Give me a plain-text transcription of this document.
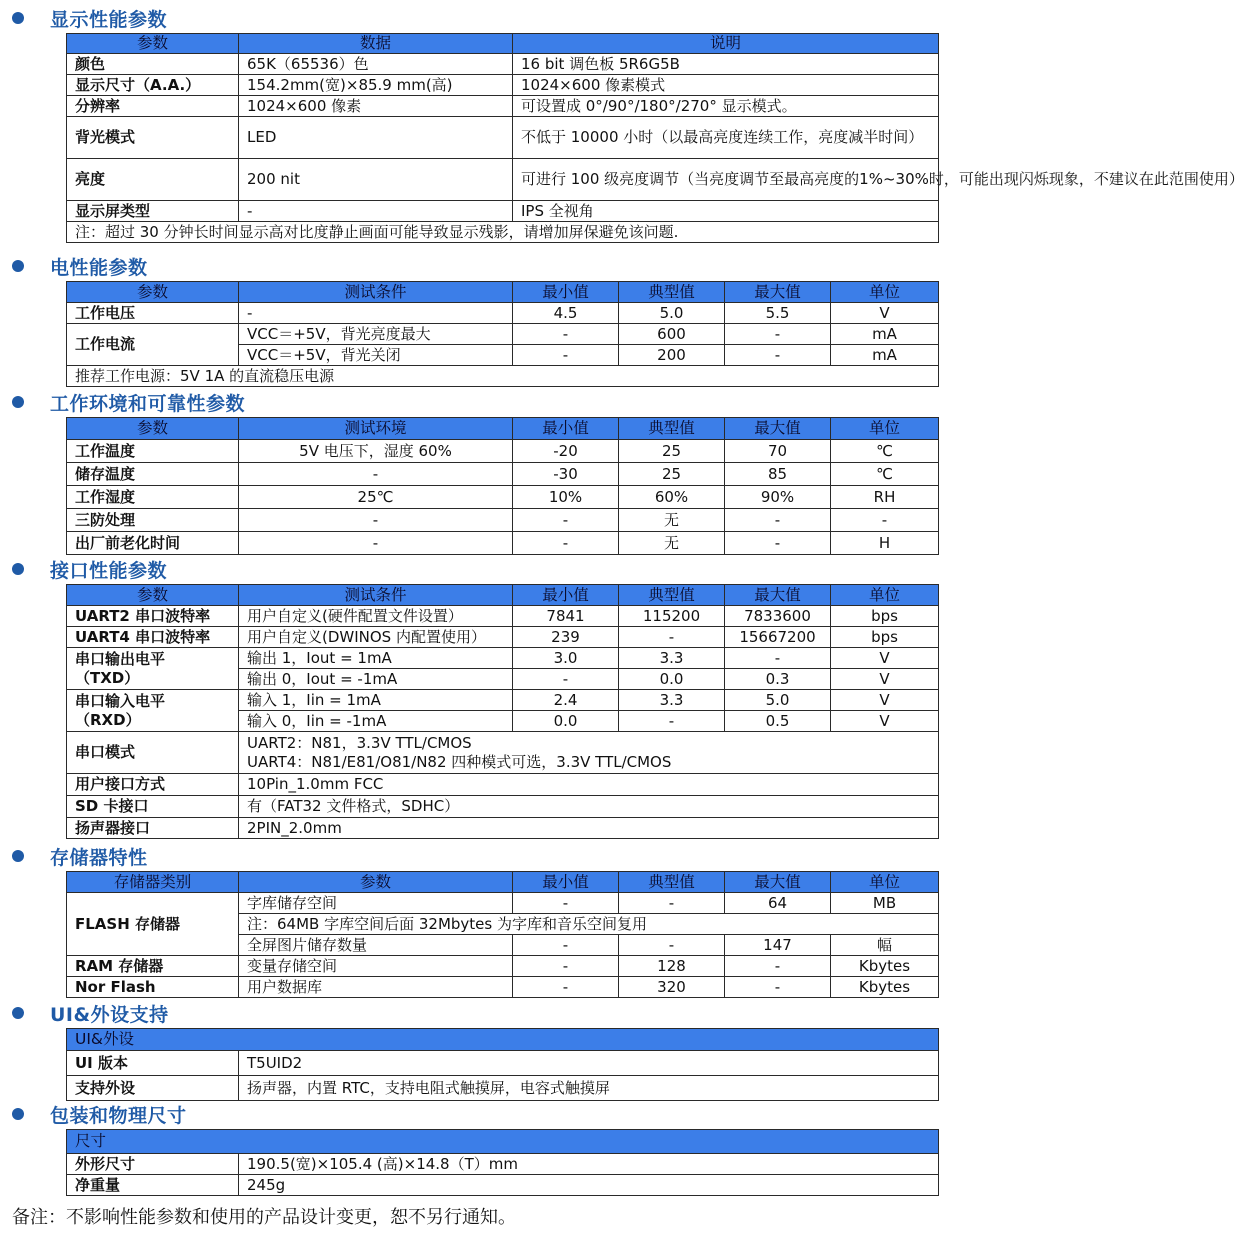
显示性能参数
参数	数据	说明
颜色	65K（65536）色	16 bit 调色板 5R6G5B
显示尺寸（A.A.）	154.2mm(宽)×85.9 mm(高)	1024×600 像素模式
分辨率	1024×600 像素	可设置成 0°/90°/180°/270° 显示模式。
背光模式	LED	不低于 10000 小时（以最高亮度连续工作，亮度减半时间）
亮度	200 nit	可进行 100 级亮度调节（当亮度调节至最高亮度的1%~30%时，可能出现闪烁现象，不建议在此范围使用）
显示屏类型	-	IPS 全视角
注：超过 30 分钟长时间显示高对比度静止画面可能导致显示残影，请增加屏保避免该问题.		
电性能参数
参数	测试条件	最小值	典型值	最大值	单位
工作电压	-	4.5	5.0	5.5	V
工作电流	VCC＝+5V，背光亮度最大	-	600	-	mA
	VCC＝+5V，背光关闭	-	200	-	mA
推荐工作电源：5V 1A 的直流稳压电源					
工作环境和可靠性参数
参数	测试环境	最小值	典型值	最大值	单位
工作温度	5V 电压下，湿度 60%	-20	25	70	℃
储存温度	-	-30	25	85	℃
工作湿度	25℃	10%	60%	90%	RH
三防处理	-	-	无	-	-
出厂前老化时间	-	-	无	-	H
接口性能参数
参数	测试条件	最小值	典型值	最大值	单位
UART2 串口波特率	用户自定义(硬件配置文件设置）	7841	115200	7833600	bps
UART4 串口波特率	用户自定义(DWINOS 内配置使用）	239	-	15667200	bps

串口输出电平
（TXD）	输出 1，Iout = 1mA	3.0	3.3	-	V
	输出 0，Iout = -1mA	-	0.0	0.3	V

串口输入电平
（RXD）	输入 1，Iin = 1mA	2.4	3.3	5.0	V
	输入 0，Iin = -1mA	0.0	-	0.5	V
串口模式	UART2：N81，3.3V TTL/CMOS
UART4：N81/E81/O81/N82 四种模式可选，3.3V TTL/CMOS				

用户接口方式	10Pin_1.0mm FCC				
SD 卡接口	有（FAT32 文件格式，SDHC）				
扬声器接口	2PIN_2.0mm				
存储器特性
存储器类别	参数	最小值	典型值	最大值	单位
FLASH 存储器	字库储存空间	-	-	64	MB
	注：64MB 字库空间后面 32Mbytes 为字库和音乐空间复用				
	全屏图片储存数量	-	-	147	幅
RAM 存储器	变量存储空间	-	128	-	Kbytes
Nor Flash	用户数据库	-	320	-	Kbytes
UI&外设支持
UI&外设	
UI 版本	T5UID2
支持外设	扬声器，内置 RTC，支持电阻式触摸屏，电容式触摸屏
包装和物理尺寸
尺寸	
外形尺寸	190.5(宽)×105.4 (高)×14.8（T）mm
净重量	245g
备注：不影响性能参数和使用的产品设计变更，恕不另行通知。
